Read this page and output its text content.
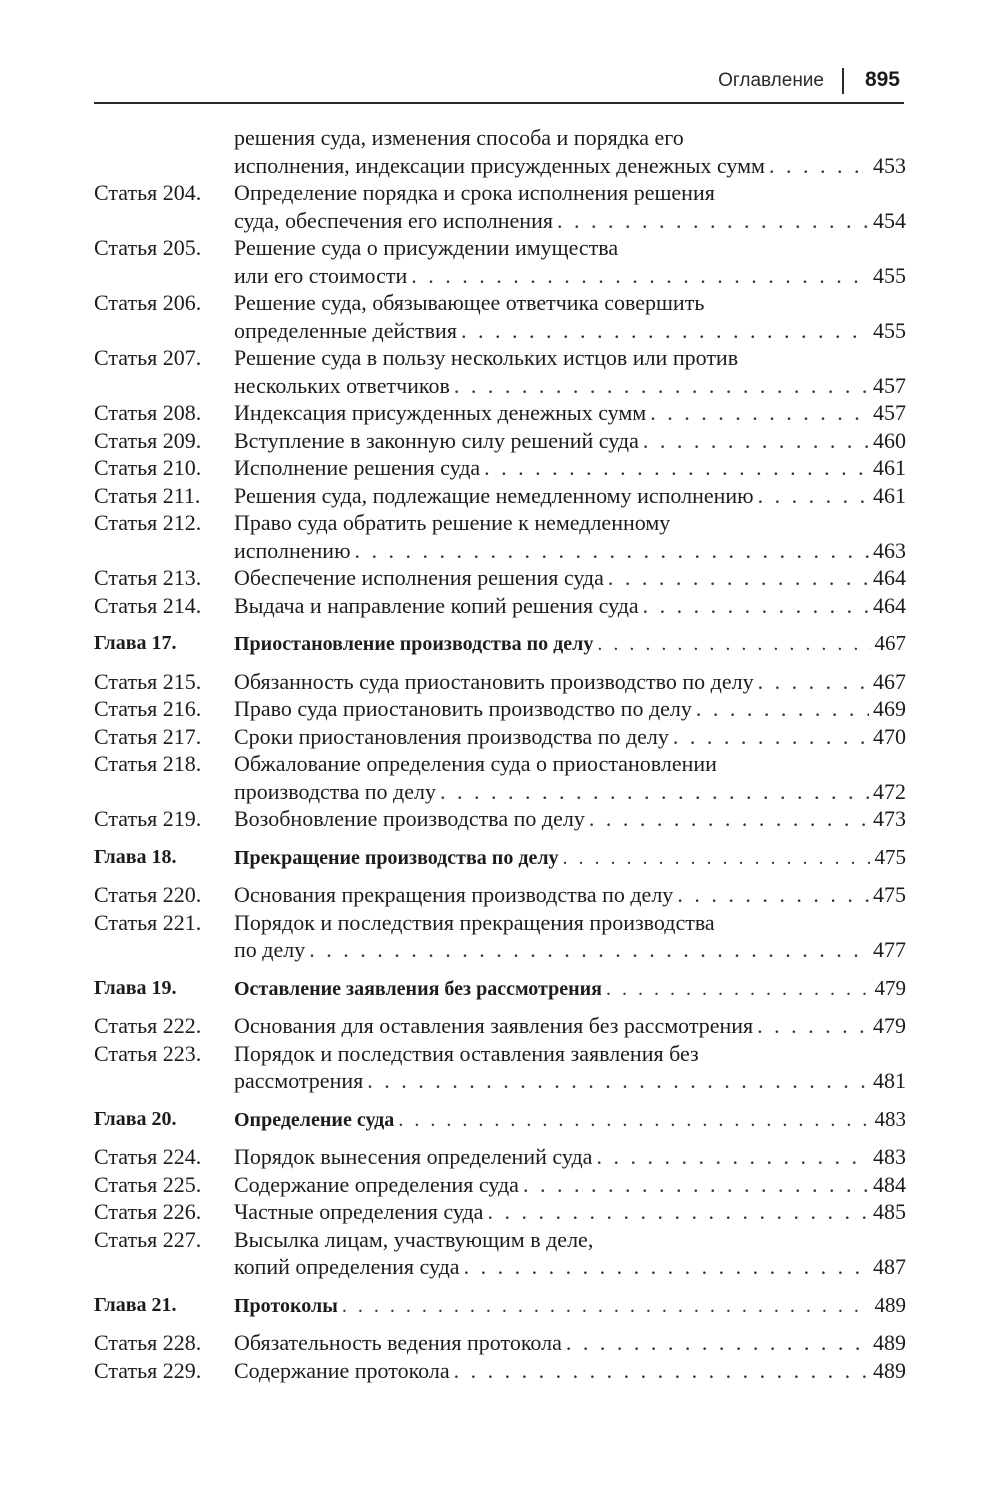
Оглавление 895
решения суда, изменения способа и порядка его
исполнения, индексации присужденных денежных сумм . . .	453
Статья 204. Определение порядка и срока исполнения решения
суда, обеспечения его исполнения . . .	454
Статья 205. Решение суда о присуждении имущества
или его стоимости . . .	455
Статья 206. Решение суда, обязывающее ответчика совершить
определенные действия . . .	455
Статья 207. Решение суда в пользу нескольких истцов или против
нескольких ответчиков . . .	457
Статья 208. Индексация присужденных денежных сумм . . .	457
Статья 209. Вступление в законную силу решений суда . . .	460
Статья 210. Исполнение решения суда . . .	461
Статья 211. Решения суда, подлежащие немедленному исполнению . . .	461
Статья 212. Право суда обратить решение к немедленному
исполнению . . .	463
Статья 213. Обеспечение исполнения решения суда . . .	464
Статья 214. Выдача и направление копий решения суда . . .	464
Глава 17.	Приостановление производства по делу . . .	467
Статья 215. Обязанность суда приостановить производство по делу . . .	467
Статья 216. Право суда приостановить производство по делу . . .	469
Статья 217. Сроки приостановления производства по делу . . .	470
Статья 218. Обжалование определения суда о приостановлении
производства по делу . . .	472
Статья 219. Возобновление производства по делу . . .	473
Глава 18.	Прекращение производства по делу . . .	475
Статья 220. Основания прекращения производства по делу . . .	475
Статья 221. Порядок и последствия прекращения производства
по делу . . .	477
Глава 19.	Оставление заявления без рассмотрения . . .	479
Статья 222. Основания для оставления заявления без рассмотрения . . .	479
Статья 223. Порядок и последствия оставления заявления без
рассмотрения . . .	481
Глава 20.	Определение суда . . .	483
Статья 224. Порядок вынесения определений суда . . .	483
Статья 225. Содержание определения суда . . .	484
Статья 226. Частные определения суда . . .	485
Статья 227. Высылка лицам, участвующим в деле,
копий определения суда . . .	487
Глава 21.	Протоколы . . .	489
Статья 228. Обязательность ведения протокола . . .	489
Статья 229. Содержание протокола . . .	489
